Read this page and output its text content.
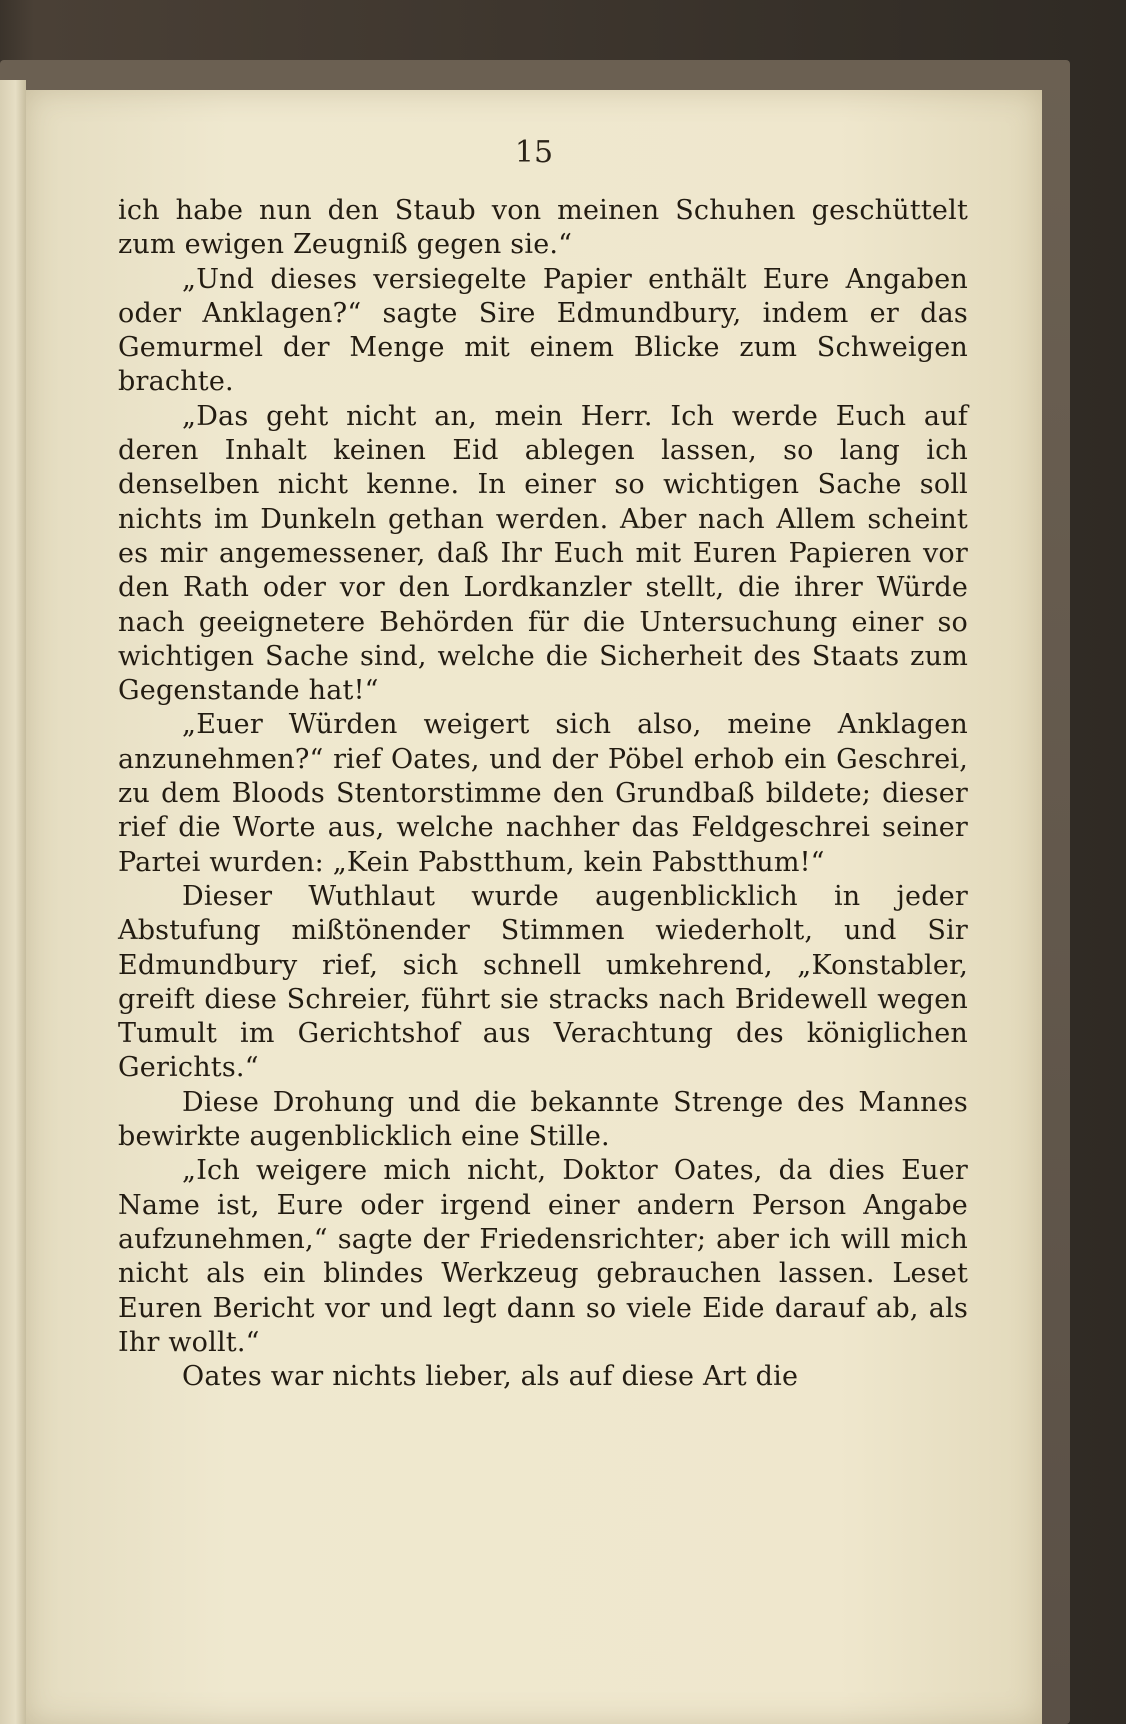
15

ich habe nun den Staub von meinen Schuhen geschüttelt zum ewigen Zeugniß gegen sie.“

„Und dieses versiegelte Papier enthält Eure Angaben oder Anklagen?“ sagte Sire Edmundbury, indem er das Gemurmel der Menge mit einem Blicke zum Schweigen brachte.

„Das geht nicht an, mein Herr. Ich werde Euch auf deren Inhalt keinen Eid ablegen lassen, so lang ich denselben nicht kenne. In einer so wichtigen Sache soll nichts im Dunkeln gethan werden. Aber nach Allem scheint es mir angemessener, daß Ihr Euch mit Euren Papieren vor den Rath oder vor den Lordkanzler stellt, die ihrer Würde nach geeignetere Behörden für die Untersuchung einer so wichtigen Sache sind, welche die Sicherheit des Staats zum Gegenstande hat!“

„Euer Würden weigert sich also, meine Anklagen anzunehmen?“ rief Oates, und der Pöbel erhob ein Geschrei, zu dem Bloods Stentorstimme den Grundbaß bildete; dieser rief die Worte aus, welche nachher das Feldgeschrei seiner Partei wurden: „Kein Pabstthum, kein Pabstthum!“

Dieser Wuthlaut wurde augenblicklich in jeder Abstufung mißtönender Stimmen wiederholt, und Sir Edmundbury rief, sich schnell umkehrend, „Konstabler, greift diese Schreier, führt sie stracks nach Bridewell wegen Tumult im Gerichtshof aus Verachtung des königlichen Gerichts.“

Diese Drohung und die bekannte Strenge des Mannes bewirkte augenblicklich eine Stille.

„Ich weigere mich nicht, Doktor Oates, da dies Euer Name ist, Eure oder irgend einer andern Person Angabe aufzunehmen,“ sagte der Friedensrichter; aber ich will mich nicht als ein blindes Werkzeug gebrauchen lassen. Leset Euren Bericht vor und legt dann so viele Eide darauf ab, als Ihr wollt.“

Oates war nichts lieber, als auf diese Art die
